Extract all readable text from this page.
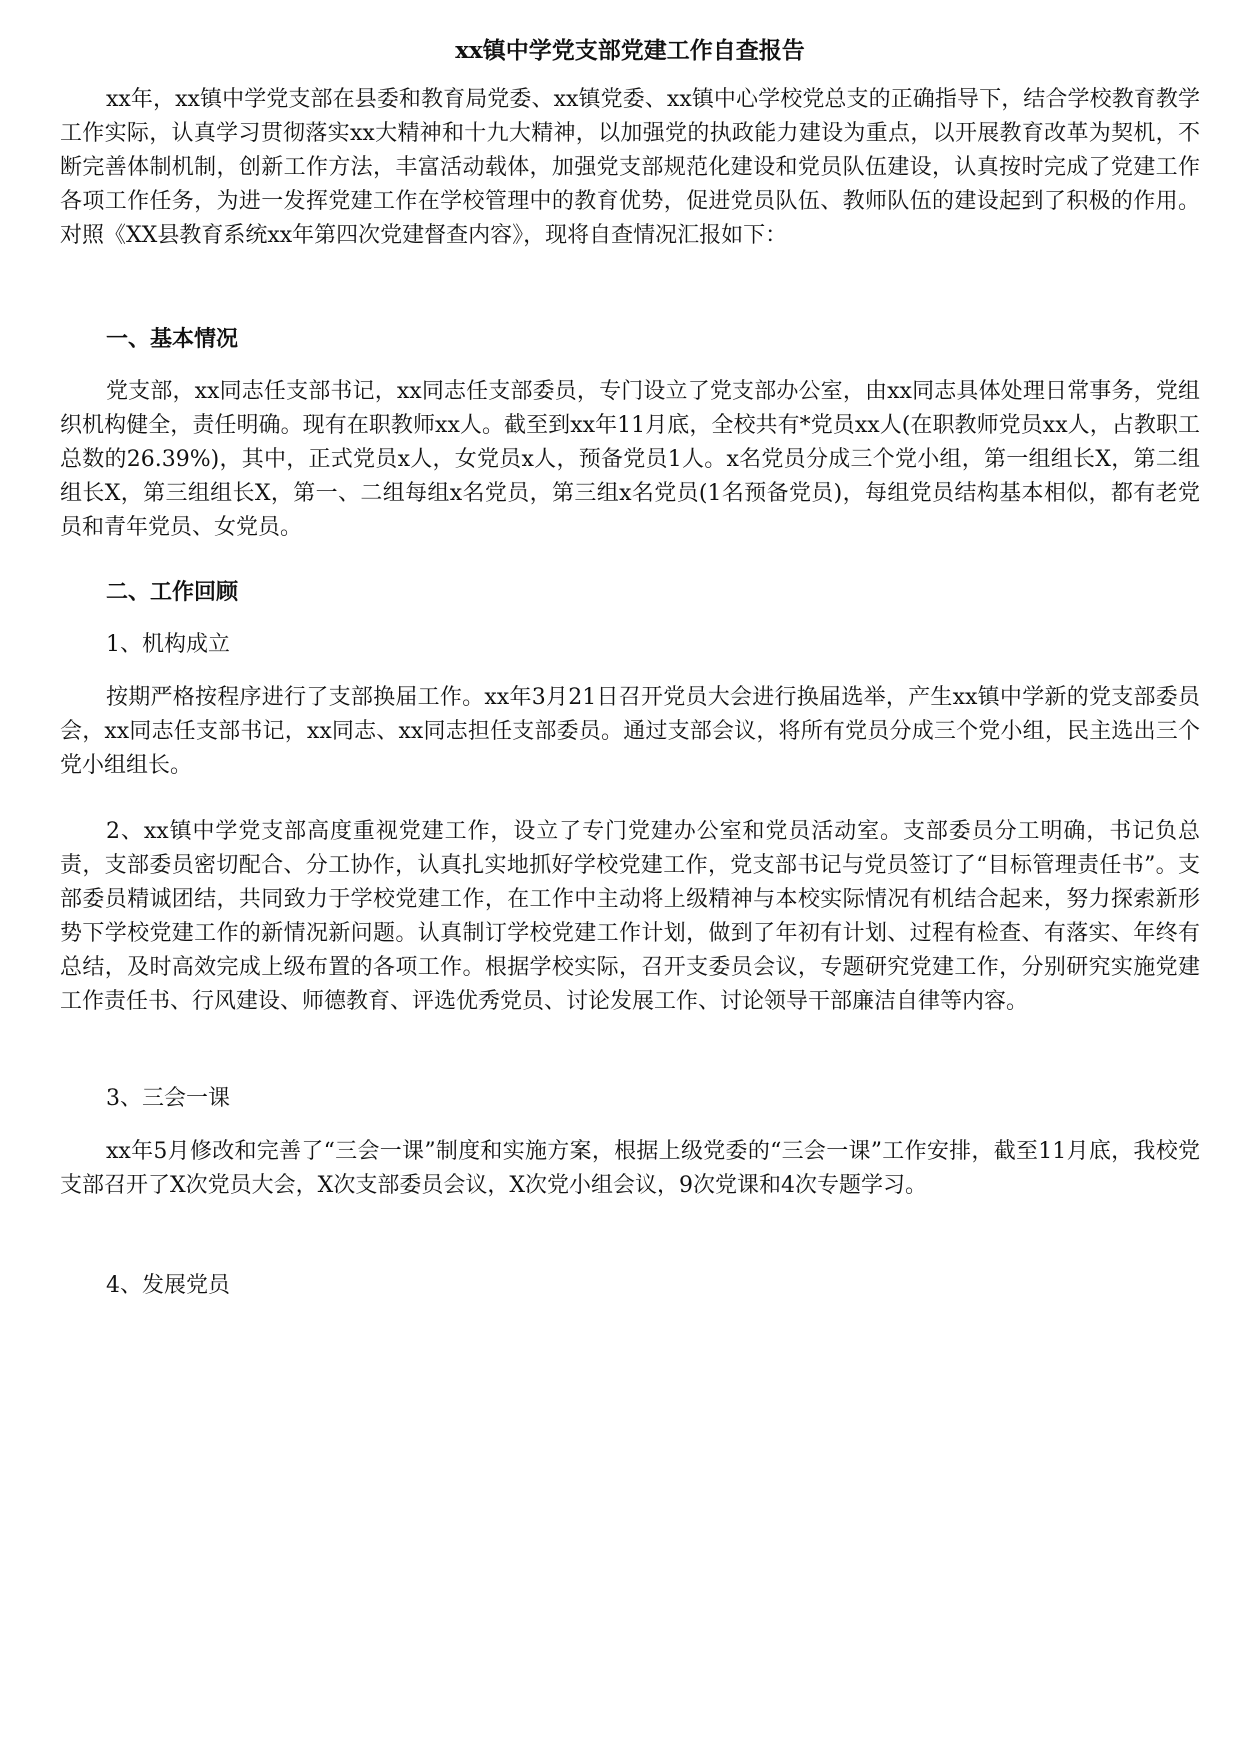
xx镇中学党支部党建工作自查报告

xx年，xx镇中学党支部在县委和教育局党委、xx镇党委、xx镇中心学校党总支的正确指导下，结合学校教育教学工作实际，认真学习贯彻落实xx大精神和十九大精神，以加强党的执政能力建设为重点，以开展教育改革为契机，不断完善体制机制，创新工作方法，丰富活动载体，加强党支部规范化建设和党员队伍建设，认真按时完成了党建工作各项工作任务，为进一发挥党建工作在学校管理中的教育优势，促进党员队伍、教师队伍的建设起到了积极的作用。对照《XX县教育系统xx年第四次党建督查内容》，现将自查情况汇报如下：

一、基本情况

党支部，xx同志任支部书记，xx同志任支部委员，专门设立了党支部办公室，由xx同志具体处理日常事务，党组织机构健全，责任明确。现有在职教师xx人。截至到xx年11月底，全校共有*党员xx人(在职教师党员xx人，占教职工总数的26.39%)，其中，正式党员x人，女党员x人，预备党员1人。x名党员分成三个党小组，第一组组长X，第二组组长X，第三组组长X，第一、二组每组x名党员，第三组x名党员(1名预备党员)，每组党员结构基本相似，都有老党员和青年党员、女党员。

二、工作回顾

1、机构成立

按期严格按程序进行了支部换届工作。xx年3月21日召开党员大会进行换届选举，产生xx镇中学新的党支部委员会，xx同志任支部书记，xx同志、xx同志担任支部委员。通过支部会议，将所有党员分成三个党小组，民主选出三个党小组组长。

2、xx镇中学党支部高度重视党建工作，设立了专门党建办公室和党员活动室。支部委员分工明确，书记负总责，支部委员密切配合、分工协作，认真扎实地抓好学校党建工作，党支部书记与党员签订了“目标管理责任书”。支部委员精诚团结，共同致力于学校党建工作，在工作中主动将上级精神与本校实际情况有机结合起来，努力探索新形势下学校党建工作的新情况新问题。认真制订学校党建工作计划，做到了年初有计划、过程有检查、有落实、年终有总结，及时高效完成上级布置的各项工作。根据学校实际，召开支委员会议，专题研究党建工作，分别研究实施党建工作责任书、行风建设、师德教育、评选优秀党员、讨论发展工作、讨论领导干部廉洁自律等内容。

3、三会一课

xx年5月修改和完善了“三会一课”制度和实施方案，根据上级党委的“三会一课”工作安排，截至11月底，我校党支部召开了X次党员大会，X次支部委员会议，X次党小组会议，9次党课和4次专题学习。

4、发展党员
